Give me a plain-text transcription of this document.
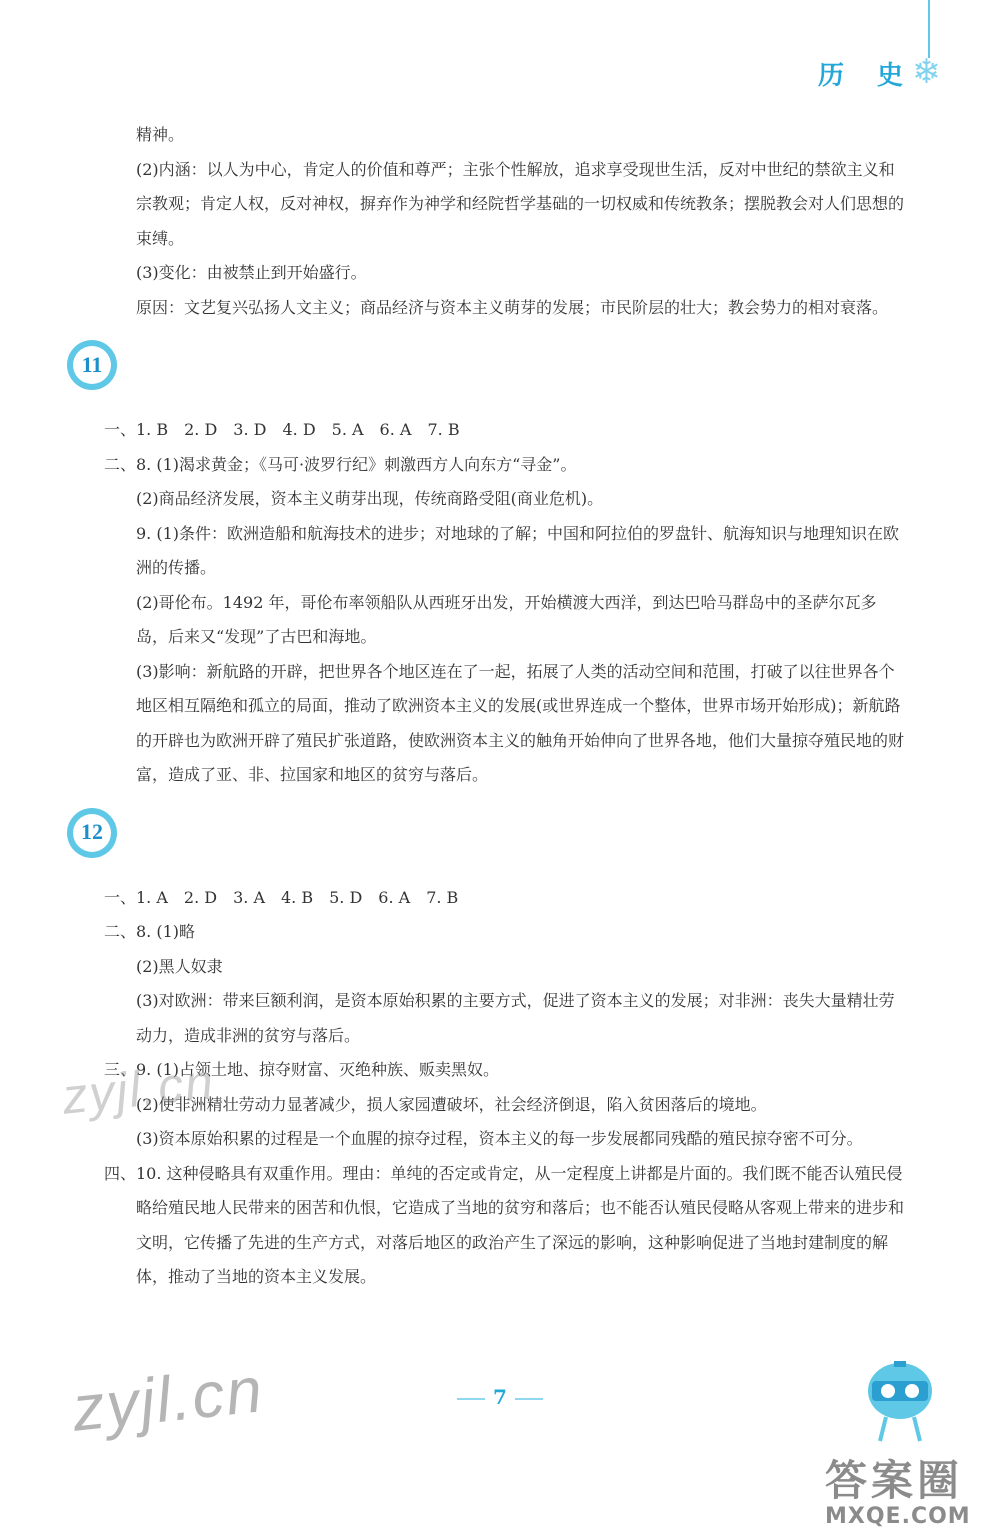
历 史
❄

精神。

(2)内涵：以人为中心，肯定人的价值和尊严；主张个性解放，追求享受现世生活，反对中世纪的禁欲主义和宗教观；肯定人权，反对神权，摒弃作为神学和经院哲学基础的一切权威和传统教条；摆脱教会对人们思想的束缚。

(3)变化：由被禁止到开始盛行。

原因：文艺复兴弘扬人文主义；商品经济与资本主义萌芽的发展；市民阶层的壮大；教会势力的相对衰落。

11

一、1. B　2. D　3. D　4. D　5. A　6. A　7. B

二、8. (1)渴求黄金；《马可·波罗行纪》刺激西方人向东方“寻金”。

(2)商品经济发展，资本主义萌芽出现，传统商路受阻(商业危机)。

9. (1)条件：欧洲造船和航海技术的进步；对地球的了解；中国和阿拉伯的罗盘针、航海知识与地理知识在欧洲的传播。

(2)哥伦布。1492 年，哥伦布率领船队从西班牙出发，开始横渡大西洋，到达巴哈马群岛中的圣萨尔瓦多岛，后来又“发现”了古巴和海地。

(3)影响：新航路的开辟，把世界各个地区连在了一起，拓展了人类的活动空间和范围，打破了以往世界各个地区相互隔绝和孤立的局面，推动了欧洲资本主义的发展(或世界连成一个整体，世界市场开始形成)；新航路的开辟也为欧洲开辟了殖民扩张道路，使欧洲资本主义的触角开始伸向了世界各地，他们大量掠夺殖民地的财富，造成了亚、非、拉国家和地区的贫穷与落后。

12

一、1. A　2. D　3. A　4. B　5. D　6. A　7. B

二、8. (1)略

(2)黑人奴隶

(3)对欧洲：带来巨额利润，是资本原始积累的主要方式，促进了资本主义的发展；对非洲：丧失大量精壮劳动力，造成非洲的贫穷与落后。

三、9. (1)占领土地、掠夺财富、灭绝种族、贩卖黑奴。

(2)使非洲精壮劳动力显著减少，损人家园遭破坏，社会经济倒退，陷入贫困落后的境地。

(3)资本原始积累的过程是一个血腥的掠夺过程，资本主义的每一步发展都同残酷的殖民掠夺密不可分。

四、10. 这种侵略具有双重作用。理由：单纯的否定或肯定，从一定程度上讲都是片面的。我们既不能否认殖民侵略给殖民地人民带来的困苦和仇恨，它造成了当地的贫穷和落后；也不能否认殖民侵略从客观上带来的进步和文明，它传播了先进的生产方式，对落后地区的政治产生了深远的影响，这种影响促进了当地封建制度的解体，推动了当地的资本主义发展。

zyjl.cn
zyjl.cn	7
答案圈
MXQE.COM
